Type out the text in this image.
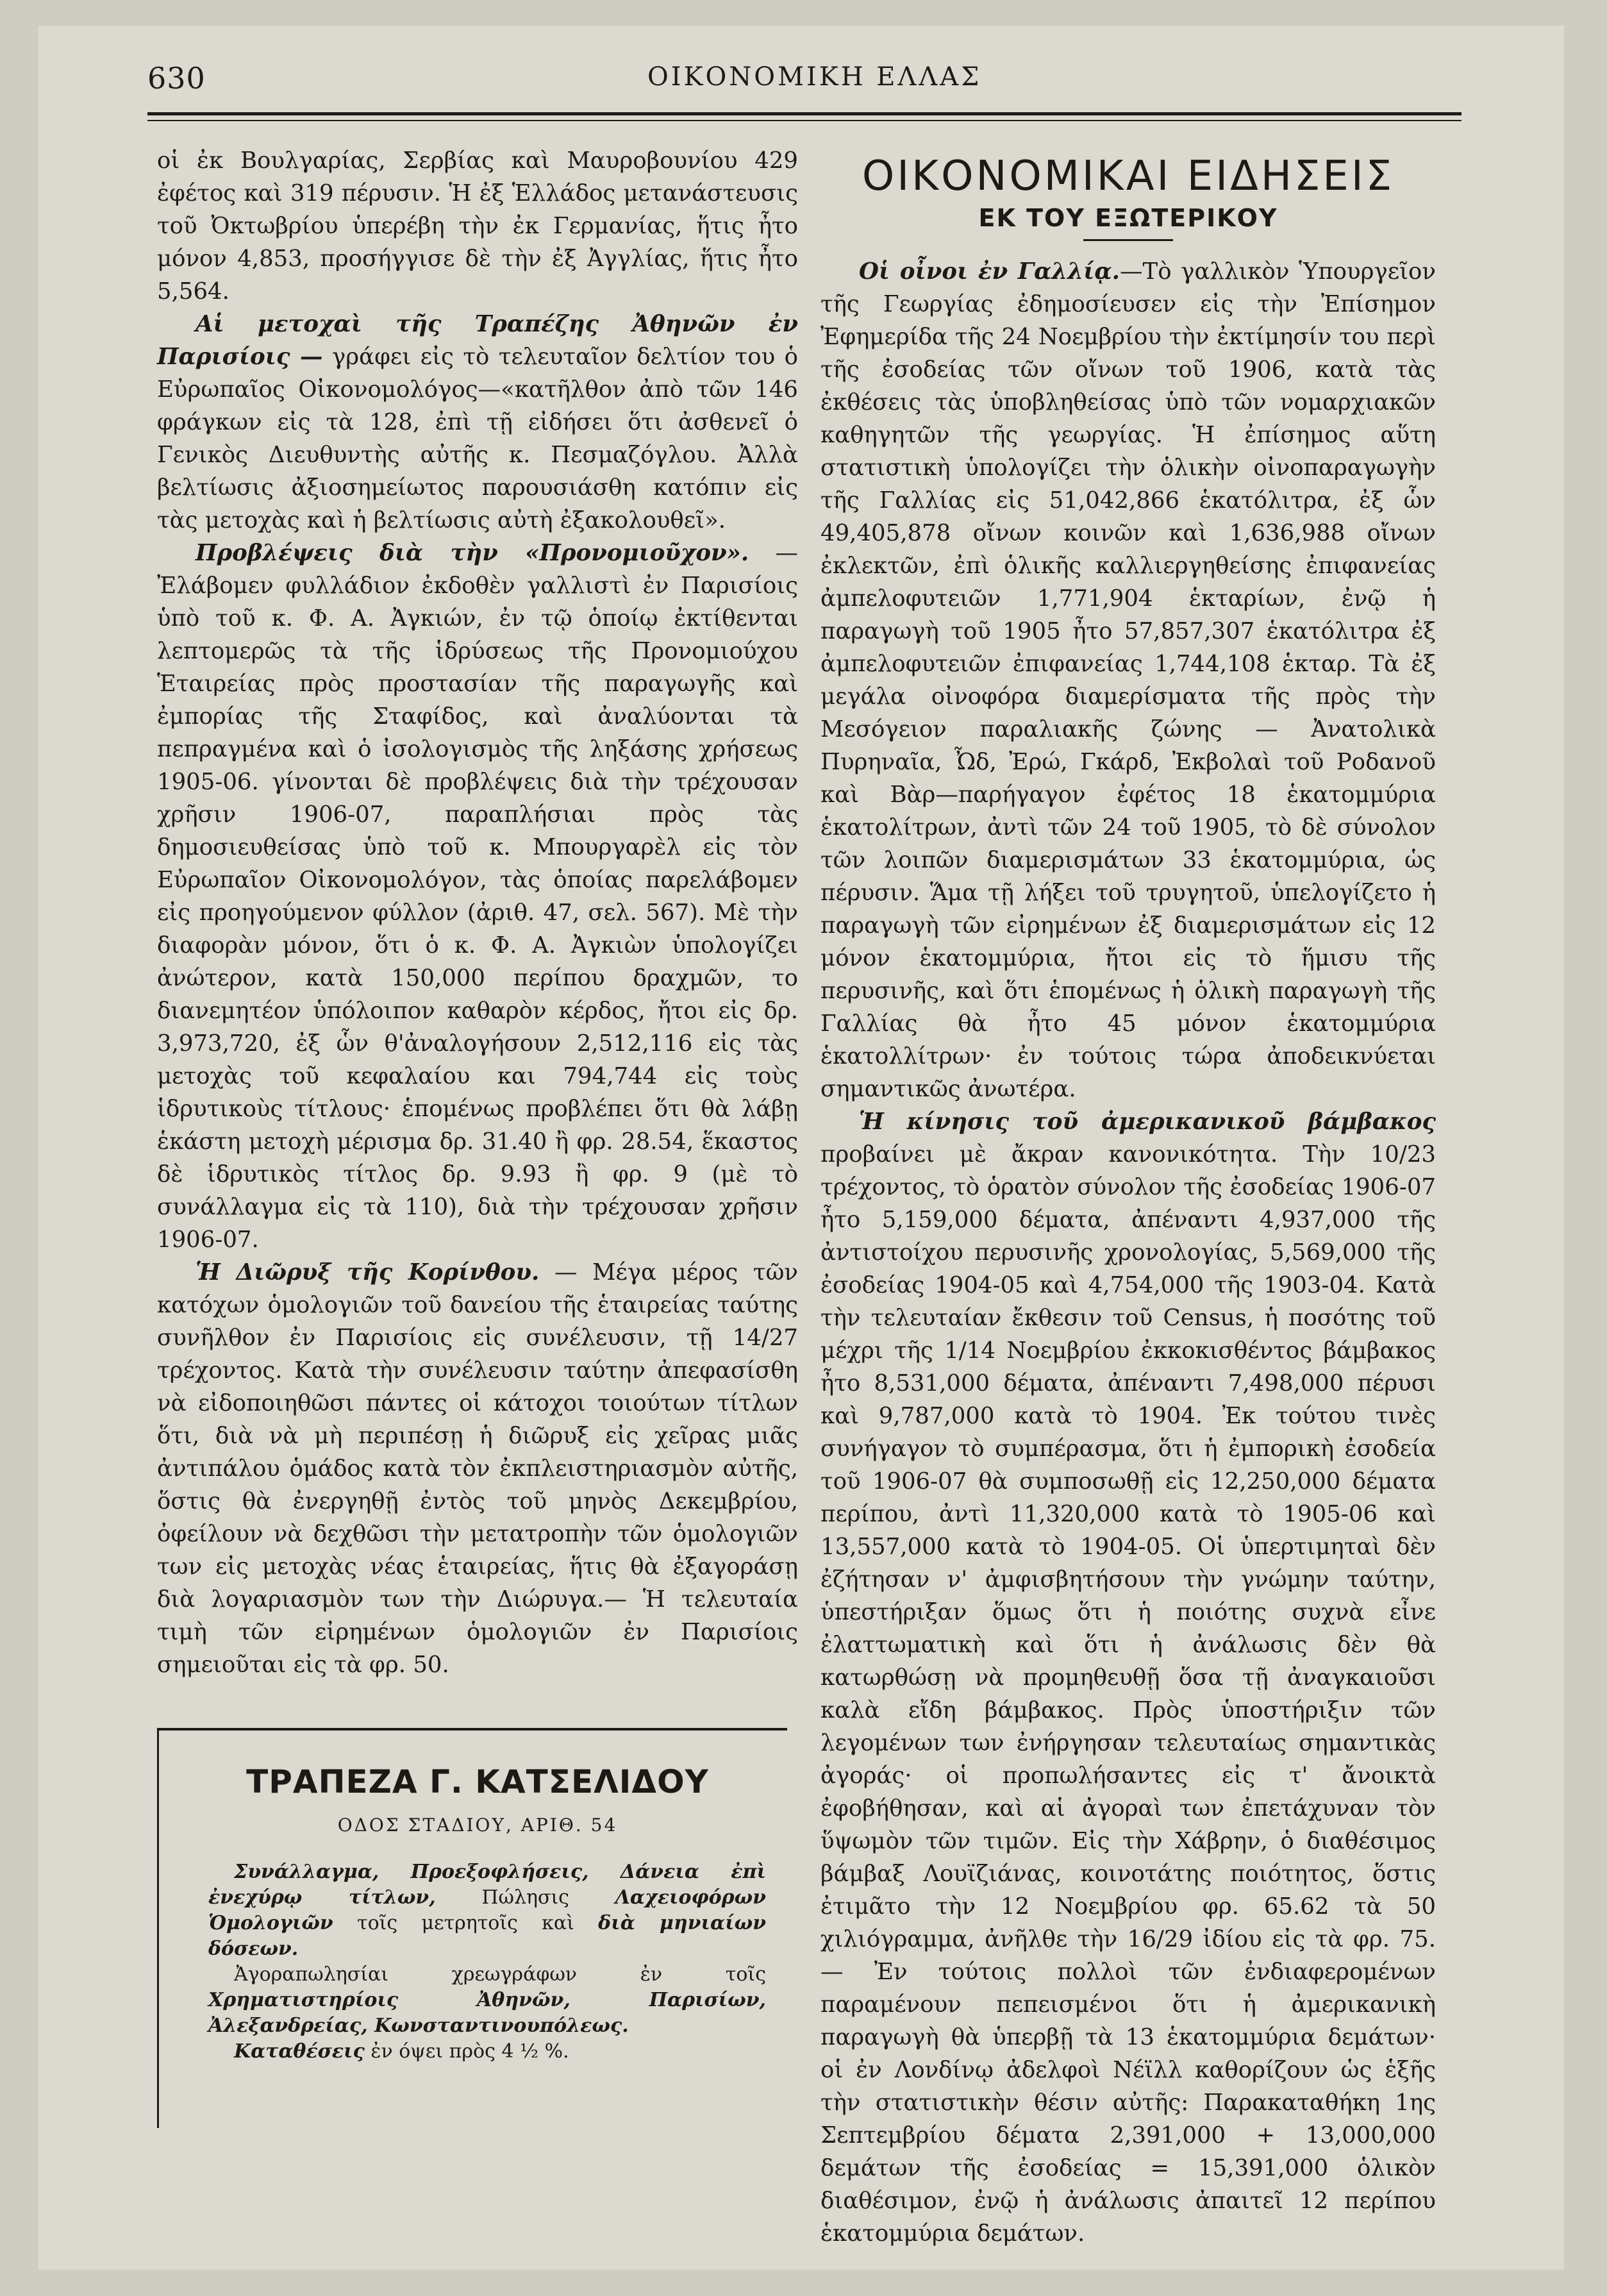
630	ΟΙΚΟΝΟΜΙΚΗ ΕΛΛΑΣ

οἱ ἐκ Βουλγαρίας, Σερβίας καὶ Μαυροβουνίου 429 ἐφέτος καὶ 319 πέρυσιν. Ἡ ἐξ Ἑλλάδος μετανάστευσις τοῦ Ὀκτωβρίου ὑπερέβη τὴν ἐκ Γερμανίας, ἥτις ἦτο μόνον 4,853, προσήγγισε δὲ τὴν ἐξ Ἀγγλίας, ἥτις ἦτο 5,564.

Αἱ μετοχαὶ τῆς Τραπέζης Ἀθηνῶν ἐν Παρισίοις — γράφει εἰς τὸ τελευταῖον δελτίον του ὁ Εὐρωπαῖος Οἰκονομολόγος—«κατῆλθον ἀπὸ τῶν 146 φράγκων εἰς τὰ 128, ἐπὶ τῇ εἰδήσει ὅτι ἀσθενεῖ ὁ Γενικὸς Διευθυντὴς αὐτῆς κ. Πεσμαζόγλου. Ἀλλὰ βελτίωσις ἀξιοσημείωτος παρουσιάσθη κατόπιν εἰς τὰς μετοχὰς καὶ ἡ βελτίωσις αὐτὴ ἐξακολουθεῖ».

Προβλέψεις διὰ τὴν «Προνομιοῦχον». — Ἐλάβομεν φυλλάδιον ἐκδοθὲν γαλλιστὶ ἐν Παρισίοις ὑπὸ τοῦ κ. Φ. Α. Ἀγκιών, ἐν τῷ ὁποίῳ ἐκτίθενται λεπτομερῶς τὰ τῆς ἱδρύσεως τῆς Προνομιούχου Ἑταιρείας πρὸς προστασίαν τῆς παραγωγῆς καὶ ἐμπορίας τῆς Σταφίδος, καὶ ἀναλύονται τὰ πεπραγμένα καὶ ὁ ἰσολογισμὸς τῆς ληξάσης χρήσεως 1905-06. γίνονται δὲ προβλέψεις διὰ τὴν τρέχουσαν χρῆσιν 1906-07, παραπλήσιαι πρὸς τὰς δημοσιευθείσας ὑπὸ τοῦ κ. Μπουργαρὲλ εἰς τὸν Εὐρωπαῖον Οἰκονομολόγον, τὰς ὁποίας παρελάβομεν εἰς προηγούμενον φύλλον (ἀριθ. 47, σελ. 567). Μὲ τὴν διαφορὰν μόνον, ὅτι ὁ κ. Φ. Α. Ἀγκιὼν ὑπολογίζει ἀνώτερον, κατὰ 150,000 περίπου δραχμῶν, το διανεμητέον ὑπόλοιπον καθαρὸν κέρδος, ἤτοι εἰς δρ. 3,973,720, ἐξ ὧν θ'ἀναλογήσουν 2,512,116 εἰς τὰς μετοχὰς τοῦ κεφαλαίου και 794,744 εἰς τοὺς ἱδρυτικοὺς τίτλους· ἑπομένως προβλέπει ὅτι θὰ λάβῃ ἑκάστη μετοχὴ μέρισμα δρ. 31.40 ἢ φρ. 28.54, ἕκαστος δὲ ἱδρυτικὸς τίτλος δρ. 9.93 ἢ φρ. 9 (μὲ τὸ συνάλλαγμα εἰς τὰ 110), διὰ τὴν τρέχουσαν χρῆσιν 1906-07.

Ἡ Διῶρυξ τῆς Κορίνθου. — Μέγα μέρος τῶν κατόχων ὁμολογιῶν τοῦ δανείου τῆς ἑταιρείας ταύτης συνῆλθον ἐν Παρισίοις εἰς συνέλευσιν, τῇ 14/27 τρέχοντος. Κατὰ τὴν συνέλευσιν ταύτην ἀπεφασίσθη νὰ εἰδοποιηθῶσι πάντες οἱ κάτοχοι τοιούτων τίτλων ὅτι, διὰ νὰ μὴ περιπέσῃ ἡ διῶρυξ εἰς χεῖρας μιᾶς ἀντιπάλου ὁμάδος κατὰ τὸν ἐκπλειστηριασμὸν αὐτῆς, ὅστις θὰ ἐνεργηθῇ ἐντὸς τοῦ μηνὸς Δεκεμβρίου, ὀφείλουν νὰ δεχθῶσι τὴν μετατροπὴν τῶν ὁμολογιῶν των εἰς μετοχὰς νέας ἑταιρείας, ἥτις θὰ ἐξαγοράσῃ διὰ λογαριασμὸν των τὴν Διώρυγα.— Ἡ τελευταία τιμὴ τῶν εἰρημένων ὁμολογιῶν ἐν Παρισίοις σημειοῦται εἰς τὰ φρ. 50.

ΤΡΑΠΕΖΑ Γ. ΚΑΤΣΕΛΙΔΟΥ
ΟΔΟΣ ΣΤΑΔΙΟΥ, ΑΡΙΘ. 54

Συνάλλαγμα, Προεξοφλήσεις, Δάνεια ἐπὶ ἐνεχύρῳ τίτλων, Πώλησις Λαχειοφόρων Ὁμολογιῶν τοῖς μετρητοῖς καὶ διὰ μηνιαίων δόσεων.

Ἀγοραπωλησίαι χρεωγράφων ἐν τοῖς Χρηματιστηρίοις Ἀθηνῶν, Παρισίων, Ἀλεξανδρείας, Κωνσταντινουπόλεως.

Καταθέσεις ἐν όψει πρὸς 4 ½ %.

ΟΙΚΟΝΟΜΙΚΑΙ ΕΙΔΗΣΕΙΣ
ΕΚ ΤΟΥ ΕΞΩΤΕΡΙΚΟΥ

Οἱ οἶνοι ἐν Γαλλίᾳ.—Τὸ γαλλικὸν Ὑπουργεῖον τῆς Γεωργίας ἐδημοσίευσεν εἰς τὴν Ἐπίσημον Ἐφημερίδα τῆς 24 Νοεμβρίου τὴν ἐκτίμησίν του περὶ τῆς ἐσοδείας τῶν οἴνων τοῦ 1906, κατὰ τὰς ἐκθέσεις τὰς ὑποβληθείσας ὑπὸ τῶν νομαρχιακῶν καθηγητῶν τῆς γεωργίας. Ἡ ἐπίσημος αὕτη στατιστικὴ ὑπολογίζει τὴν ὁλικὴν οἰνοπαραγωγὴν τῆς Γαλλίας εἰς 51,042,866 ἑκατόλιτρα, ἐξ ὧν 49,405,878 οἴνων κοινῶν καὶ 1,636,988 οἴνων ἐκλεκτῶν, ἐπὶ ὁλικῆς καλλιεργηθείσης ἐπιφανείας ἀμπελοφυτειῶν 1,771,904 ἑκταρίων, ἐνῷ ἡ παραγωγὴ τοῦ 1905 ἦτο 57,857,307 ἑκατόλιτρα ἐξ ἀμπελοφυτειῶν ἐπιφανείας 1,744,108 ἑκταρ. Τὰ ἐξ μεγάλα οἰνοφόρα διαμερίσματα τῆς πρὸς τὴν Μεσόγειον παραλιακῆς ζώνης — Ἀνατολικὰ Πυρηναῖα, Ὦδ, Ἐρώ, Γκάρδ, Ἐκβολαὶ τοῦ Ροδανοῦ καὶ Βὰρ—παρήγαγον ἐφέτος 18 ἑκατομμύρια ἑκατολίτρων, ἀντὶ τῶν 24 τοῦ 1905, τὸ δὲ σύνολον τῶν λοιπῶν διαμερισμάτων 33 ἑκατομμύρια, ὡς πέρυσιν. Ἅμα τῇ λήξει τοῦ τρυγητοῦ, ὑπελογίζετο ἡ παραγωγὴ τῶν εἰρημένων ἐξ διαμερισμάτων εἰς 12 μόνον ἑκατομμύρια, ἤτοι εἰς τὸ ἥμισυ τῆς περυσινῆς, καὶ ὅτι ἑπομένως ἡ ὁλικὴ παραγωγὴ τῆς Γαλλίας θὰ ἦτο 45 μόνον ἑκατομμύρια ἑκατολλίτρων· ἐν τούτοις τώρα ἀποδεικνύεται σημαντικῶς ἀνωτέρα.

Ἡ κίνησις τοῦ ἀμερικανικοῦ βάμβακος προβαίνει μὲ ἄκραν κανονικότητα. Τὴν 10/23 τρέχοντος, τὸ ὁρατὸν σύνολον τῆς ἐσοδείας 1906-07 ἦτο 5,159,000 δέματα, ἀπέναντι 4,937,000 τῆς ἀντιστοίχου περυσινῆς χρονολογίας, 5,569,000 τῆς ἐσοδείας 1904-05 καὶ 4,754,000 τῆς 1903-04. Κατὰ τὴν τελευταίαν ἔκθεσιν τοῦ Census, ἡ ποσότης τοῦ μέχρι τῆς 1/14 Νοεμβρίου ἐκκοκισθέντος βάμβακος ἦτο 8,531,000 δέματα, ἀπέναντι 7,498,000 πέρυσι καὶ 9,787,000 κατὰ τὸ 1904. Ἐκ τούτου τινὲς συνήγαγον τὸ συμπέρασμα, ὅτι ἡ ἐμπορικὴ ἐσοδεία τοῦ 1906-07 θὰ συμποσωθῇ εἰς 12,250,000 δέματα περίπου, ἀντὶ 11,320,000 κατὰ τὸ 1905-06 καὶ 13,557,000 κατὰ τὸ 1904-05. Οἱ ὑπερτιμηταὶ δὲν ἐζήτησαν ν' ἀμφισβητήσουν τὴν γνώμην ταύτην, ὑπεστήριξαν ὅμως ὅτι ἡ ποιότης συχνὰ εἶνε ἐλαττωματικὴ καὶ ὅτι ἡ ἀνάλωσις δὲν θὰ κατωρθώσῃ νὰ προμηθευθῇ ὅσα τῇ ἀναγκαιοῦσι καλὰ εἴδη βάμβακος. Πρὸς ὑποστήριξιν τῶν λεγομένων των ἐνήργησαν τελευταίως σημαντικὰς ἀγοράς· οἱ προπωλήσαντες εἰς τ' ἄνοικτὰ ἐφοβήθησαν, καὶ αἱ ἀγοραὶ των ἐπετάχυναν τὸν ὕψωμὸν τῶν τιμῶν. Εἰς τὴν Χάβρην, ὁ διαθέσιμος βάμβαξ Λουϊζιάνας, κοινοτάτης ποιότητος, ὅστις ἐτιμᾶτο τὴν 12 Νοεμβρίου φρ. 65.62 τὰ 50 χιλιόγραμμα, ἀνῆλθε τὴν 16/29 ἰδίου εἰς τὰ φρ. 75. — Ἐν τούτοις πολλοὶ τῶν ἐνδιαφερομένων παραμένουν πεπεισμένοι ὅτι ἡ ἀμερικανικὴ παραγωγὴ θὰ ὑπερβῇ τὰ 13 ἑκατομμύρια δεμάτων· οἱ ἐν Λονδίνῳ ἀδελφοὶ Νέϊλλ καθορίζουν ὡς ἑξῆς τὴν στατιστικὴν θέσιν αὐτῆς: Παρακαταθήκη 1ης Σεπτεμβρίου δέματα 2,391,000 + 13,000,000 δεμάτων τῆς ἐσοδείας = 15,391,000 ὁλικὸν διαθέσιμον, ἐνῷ ἡ ἀνάλωσις ἀπαιτεῖ 12 περίπου ἑκατομμύρια δεμάτων.
